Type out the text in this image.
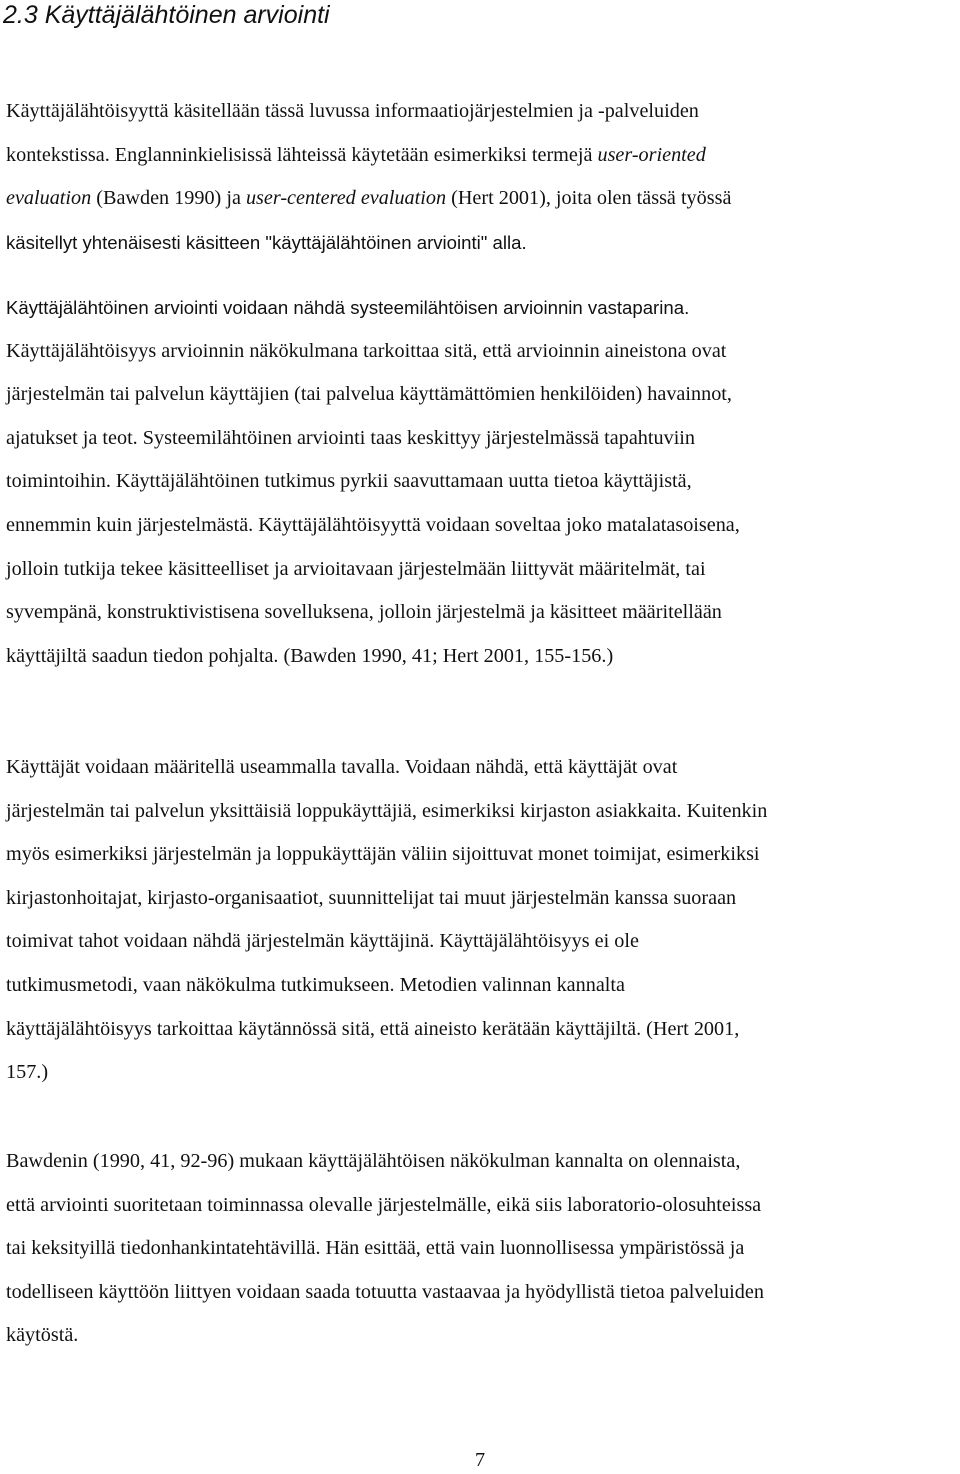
2.3 Käyttäjälähtöinen arviointi

Käyttäjälähtöisyyttä käsitellään tässä luvussa informaatiojärjestelmien ja -palveluiden
kontekstissa. Englanninkielisissä lähteissä käytetään esimerkiksi termejä user-oriented
evaluation (Bawden 1990) ja user-centered evaluation (Hert 2001), joita olen tässä työssä
käsitellyt yhtenäisesti käsitteen "käyttäjälähtöinen arviointi" alla.

Käyttäjälähtöinen arviointi voidaan nähdä systeemilähtöisen arvioinnin vastaparina.
Käyttäjälähtöisyys arvioinnin näkökulmana tarkoittaa sitä, että arvioinnin aineistona ovat
järjestelmän tai palvelun käyttäjien (tai palvelua käyttämättömien henkilöiden) havainnot,
ajatukset ja teot. Systeemilähtöinen arviointi taas keskittyy järjestelmässä tapahtuviin
toimintoihin. Käyttäjälähtöinen tutkimus pyrkii saavuttamaan uutta tietoa käyttäjistä,
ennemmin kuin järjestelmästä. Käyttäjälähtöisyyttä voidaan soveltaa joko matalatasoisena,
jolloin tutkija tekee käsitteelliset ja arvioitavaan järjestelmään liittyvät määritelmät, tai
syvempänä, konstruktivistisena sovelluksena, jolloin järjestelmä ja käsitteet määritellään
käyttäjiltä saadun tiedon pohjalta. (Bawden 1990, 41; Hert 2001, 155-156.)

Käyttäjät voidaan määritellä useammalla tavalla. Voidaan nähdä, että käyttäjät ovat
järjestelmän tai palvelun yksittäisiä loppukäyttäjiä, esimerkiksi kirjaston asiakkaita. Kuitenkin
myös esimerkiksi järjestelmän ja loppukäyttäjän väliin sijoittuvat monet toimijat, esimerkiksi
kirjastonhoitajat, kirjasto-organisaatiot, suunnittelijat tai muut järjestelmän kanssa suoraan
toimivat tahot voidaan nähdä järjestelmän käyttäjinä. Käyttäjälähtöisyys ei ole
tutkimusmetodi, vaan näkökulma tutkimukseen. Metodien valinnan kannalta
käyttäjälähtöisyys tarkoittaa käytännössä sitä, että aineisto kerätään käyttäjiltä. (Hert 2001,
157.)

Bawdenin (1990, 41, 92-96) mukaan käyttäjälähtöisen näkökulman kannalta on olennaista,
että arviointi suoritetaan toiminnassa olevalle järjestelmälle, eikä siis laboratorio-olosuhteissa
tai keksityillä tiedonhankintatehtävillä. Hän esittää, että vain luonnollisessa ympäristössä ja
todelliseen käyttöön liittyen voidaan saada totuutta vastaavaa ja hyödyllistä tietoa palveluiden
käytöstä.

7
